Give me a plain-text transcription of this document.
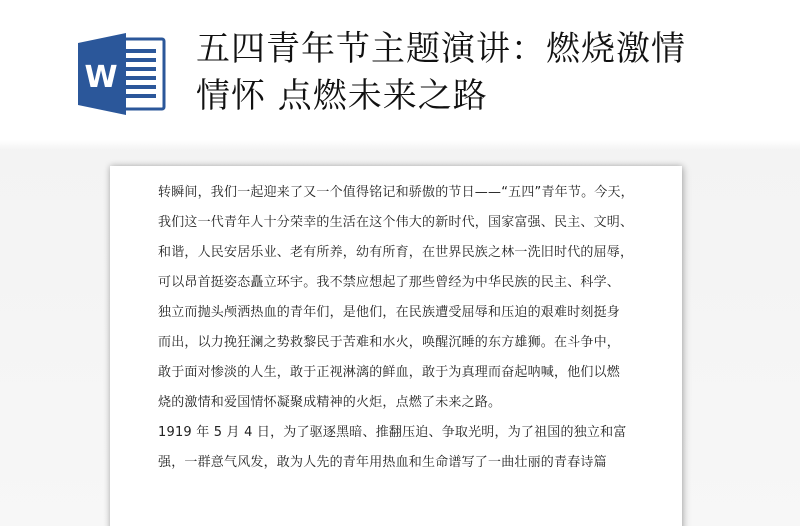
W
五四青年节主题演讲：燃烧激情
情怀 点燃未来之路
转瞬间，我们一起迎来了又一个值得铭记和骄傲的节日——“五四”青年节。今天，
我们这一代青年人十分荣幸的生活在这个伟大的新时代，国家富强、民主、文明、
和谐，人民安居乐业、老有所养，幼有所育，在世界民族之林一洗旧时代的屈辱，
可以昂首挺姿态矗立环宇。我不禁应想起了那些曾经为中华民族的民主、科学、
独立而抛头颅洒热血的青年们，是他们，在民族遭受屈辱和压迫的艰难时刻挺身
而出，以力挽狂澜之势救黎民于苦难和水火，唤醒沉睡的东方雄狮。在斗争中，
敢于面对惨淡的人生，敢于正视淋漓的鲜血，敢于为真理而奋起呐喊，他们以燃
烧的激情和爱国情怀凝聚成精神的火炬，点燃了未来之路。
1919 年 5 月 4 日，为了驱逐黑暗、推翻压迫、争取光明，为了祖国的独立和富
强，一群意气风发，敢为人先的青年用热血和生命谱写了一曲壮丽的青春诗篇
